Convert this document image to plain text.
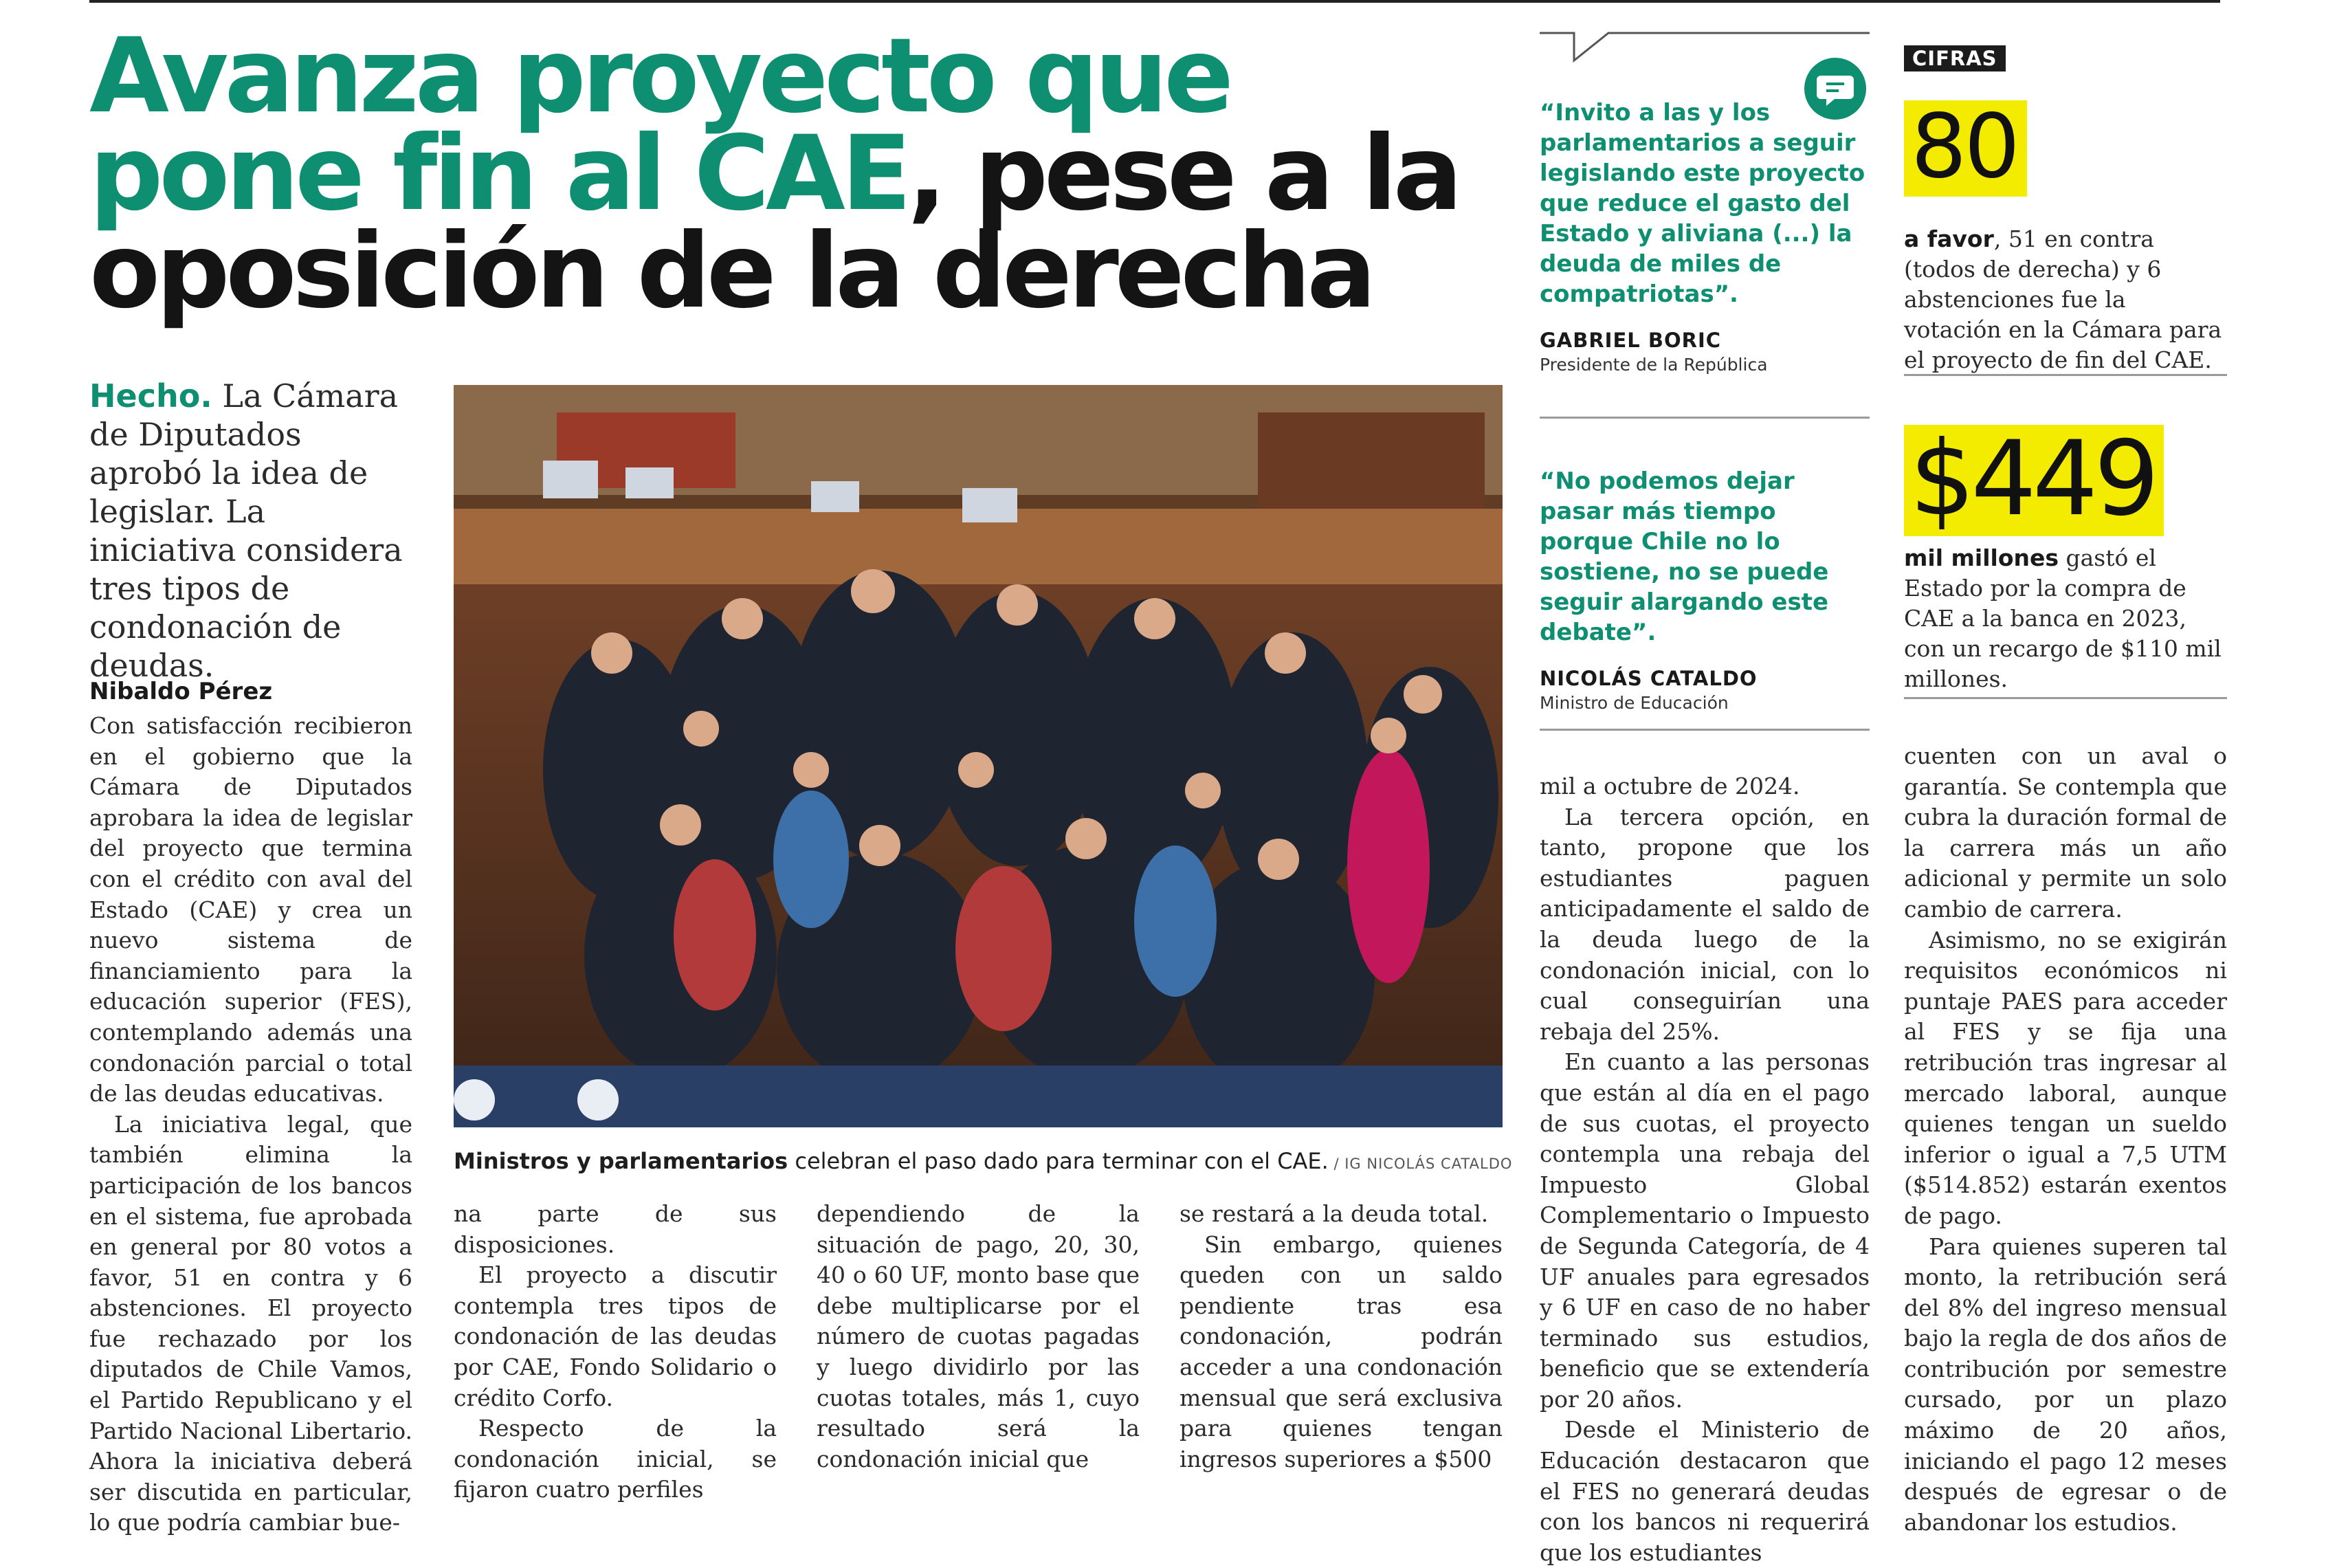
Avanza proyecto que pone fin al CAE, pese a la oposición de la derecha
Hecho. La Cámara de Diputados aprobó la idea de legislar. La iniciativa considera tres tipos de condonación de deudas.
Nibaldo Pérez

Con satisfacción recibieron en el gobierno que la Cámara de Diputados aprobara la idea de legislar del proyecto que termina con el crédito con aval del Estado (CAE) y crea un nuevo sistema de financiamiento para la educación superior (FES), contemplando además una condonación parcial o total de las deudas educativas.

La iniciativa legal, que también elimina la participación de los bancos en el sistema, fue aprobada en general por 80 votos a favor, 51 en contra y 6 abstenciones. El proyecto fue rechazado por los diputados de Chile Vamos, el Partido Republicano y el Partido Nacional Libertario. Ahora la iniciativa deberá ser discutida en particular, lo que podría cambiar bue-

Ministros y parlamentarios celebran el paso dado para terminar con el CAE. / IG NICOLÁS CATALDO

na parte de sus disposiciones.

El proyecto a discutir contempla tres tipos de condonación de las deudas por CAE, Fondo Solidario o crédito Corfo.

Respecto de la condonación inicial, se fijaron cuatro perfiles

dependiendo de la situación de pago, 20, 30, 40 o 60 UF, monto base que debe multiplicarse por el número de cuotas pagadas y luego dividirlo por las cuotas totales, más 1, cuyo resultado será la condonación inicial que

se restará a la deuda total.

Sin embargo, quienes queden con un saldo pendiente tras esa condonación, podrán acceder a una condonación mensual que será exclusiva para quienes tengan ingresos superiores a $500

“Invito a las y los parlamentarios a seguir legislando este proyecto que reduce el gasto del Estado y aliviana (...) la deuda de miles de compatriotas”.

GABRIEL BORIC
Presidente de la República

“No podemos dejar pasar más tiempo porque Chile no lo sostiene, no se puede seguir alargando este debate”.

NICOLÁS CATALDO
Ministro de Educación

mil a octubre de 2024.

La tercera opción, en tanto, propone que los estudiantes paguen anticipadamente el saldo de la deuda luego de la condonación inicial, con lo cual conseguirían una rebaja del 25%.

En cuanto a las personas que están al día en el pago de sus cuotas, el proyecto contempla una rebaja del Impuesto Global Complementario o Impuesto de Segunda Categoría, de 4 UF anuales para egresados y 6 UF en caso de no haber terminado sus estudios, beneficio que se extendería por 20 años.

Desde el Ministerio de Educación destacaron que el FES no generará deudas con los bancos ni requerirá que los estudiantes

CIFRAS
80
a favor, 51 en contra (todos de derecha) y 6 abstenciones fue la votación en la Cámara para el proyecto de fin del CAE.
$449
mil millones gastó el Estado por la compra de CAE a la banca en 2023, con un recargo de $110 mil millones.

cuenten con un aval o garantía. Se contempla que cubra la duración formal de la carrera más un año adicional y permite un solo cambio de carrera.

Asimismo, no se exigirán requisitos económicos ni puntaje PAES para acceder al FES y se fija una retribución tras ingresar al mercado laboral, aunque quienes tengan un sueldo inferior o igual a 7,5 UTM ($514.852) estarán exentos de pago.

Para quienes superen tal monto, la retribución será del 8% del ingreso mensual bajo la regla de dos años de contribución por semestre cursado, por un plazo máximo de 20 años, iniciando el pago 12 meses después de egresar o de abandonar los estudios.
